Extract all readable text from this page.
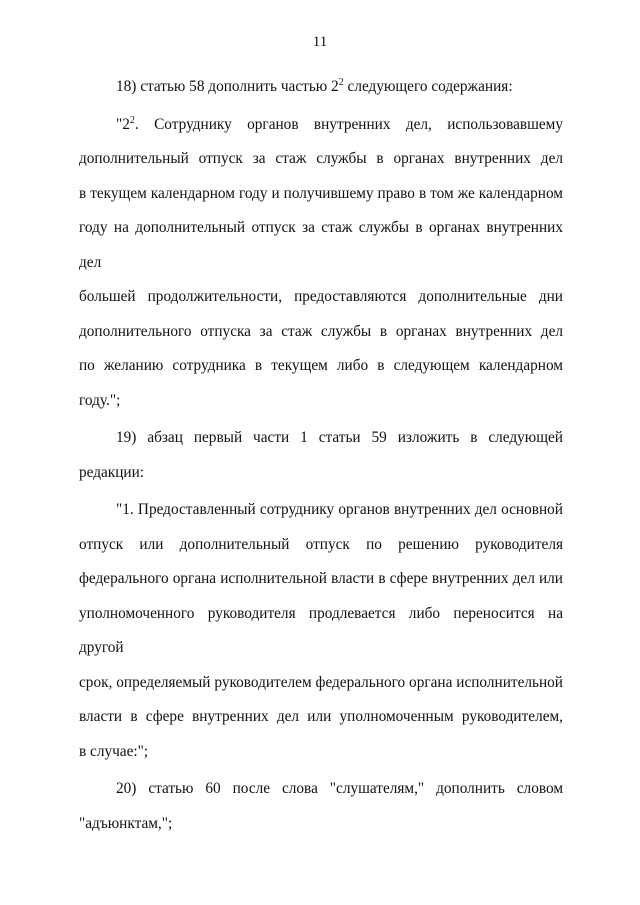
11

18) статью 58 дополнить частью $2^2$ следующего содержания:

"$2^2$. Сотруднику органов внутренних дел, использовавшему
дополнительный отпуск за стаж службы в органах внутренних дел
в текущем календарном году и получившему право в том же календарном
году на дополнительный отпуск за стаж службы в органах внутренних дел
большей продолжительности, предоставляются дополнительные дни
дополнительного отпуска за стаж службы в органах внутренних дел
по желанию сотрудника в текущем либо в следующем календарном
году.";

19) абзац первый части 1 статьи 59 изложить в следующей
редакции:

"1. Предоставленный сотруднику органов внутренних дел основной
отпуск или дополнительный отпуск по решению руководителя
федерального органа исполнительной власти в сфере внутренних дел или
уполномоченного руководителя продлевается либо переносится на другой
срок, определяемый руководителем федерального органа исполнительной
власти в сфере внутренних дел или уполномоченным руководителем,
в случае:";

20) статью 60 после слова "слушателям," дополнить словом
"адъюнктам,";
